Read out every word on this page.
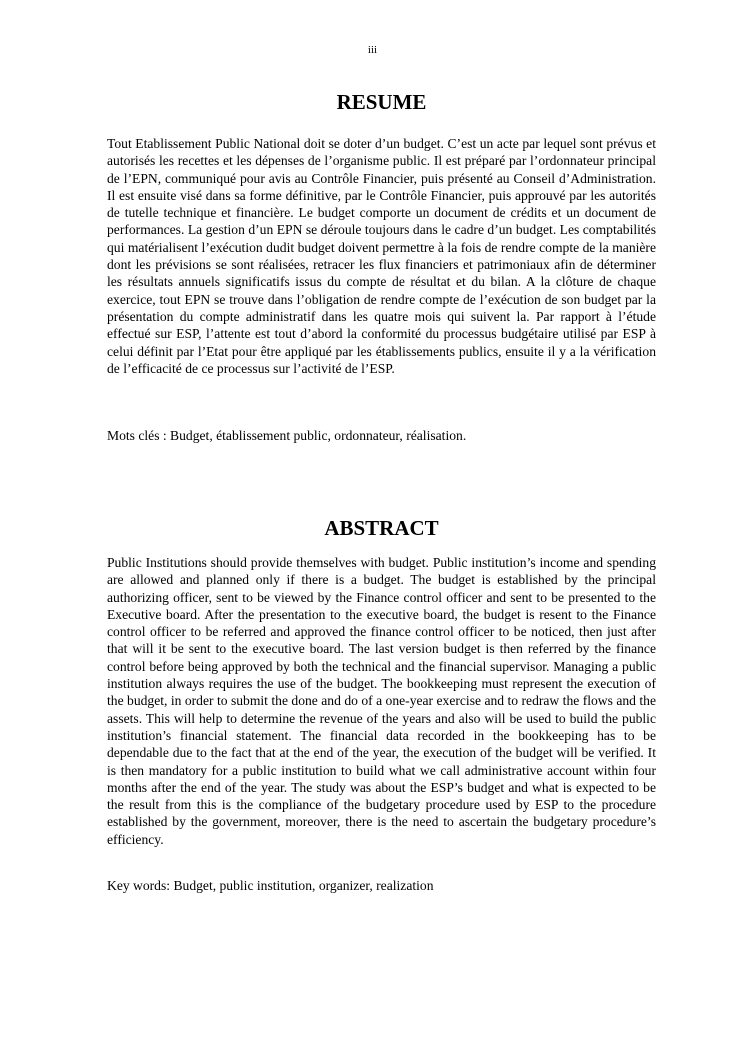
iii
RESUME

Tout Etablissement Public National doit se doter d’un budget. C’est un acte par lequel sont prévus et autorisés les recettes et les dépenses de l’organisme public. Il est préparé par l’ordonnateur principal de l’EPN, communiqué pour avis au Contrôle Financier, puis présenté au Conseil d’Administration. Il est ensuite visé dans sa forme définitive, par le Contrôle Financier, puis approuvé par les autorités de tutelle technique et financière. Le budget comporte un document de crédits et un document de performances. La gestion d’un EPN se déroule toujours dans le cadre d’un budget. Les comptabilités qui matérialisent l’exécution dudit budget doivent permettre à la fois de rendre compte de la manière dont les prévisions se sont réalisées, retracer les flux financiers et patrimoniaux afin de déterminer les résultats annuels significatifs issus du compte de résultat et du bilan. A la clôture de chaque exercice, tout EPN se trouve dans l’obligation de rendre compte de l’exécution de son budget par la présentation du compte administratif dans les quatre mois qui suivent la. Par rapport à l’étude effectué sur ESP, l’attente est tout d’abord la conformité du processus budgétaire utilisé par ESP à celui définit par l’Etat pour être appliqué par les établissements publics, ensuite il y a la vérification de l’efficacité de ce processus sur l’activité de l’ESP.

Mots clés : Budget, établissement public, ordonnateur, réalisation.

ABSTRACT

Public Institutions should provide themselves with budget. Public institution’s income and spending are allowed and planned only if there is a budget. The budget is established by the principal authorizing officer, sent to be viewed by the Finance control officer and sent to be presented to the Executive board. After the presentation to the executive board, the budget is resent to the Finance control officer to be referred and approved the finance control officer to be noticed, then just after that will it be sent to the executive board. The last version budget is then referred by the finance control before being approved by both the technical and the financial supervisor. Managing a public institution always requires the use of the budget. The bookkeeping must represent the execution of the budget, in order to submit the done and do of a one-year exercise and to redraw the flows and the assets. This will help to determine the revenue of the years and also will be used to build the public institution’s financial statement. The financial data recorded in the bookkeeping has to be dependable due to the fact that at the end of the year, the execution of the budget will be verified. It is then mandatory for a public institution to build what we call administrative account within four months after the end of the year. The study was about the ESP’s budget and what is expected to be the result from this is the compliance of the budgetary procedure used by ESP to the procedure established by the government, moreover, there is the need to ascertain the budgetary procedure’s efficiency.

Key words: Budget, public institution, organizer, realization
